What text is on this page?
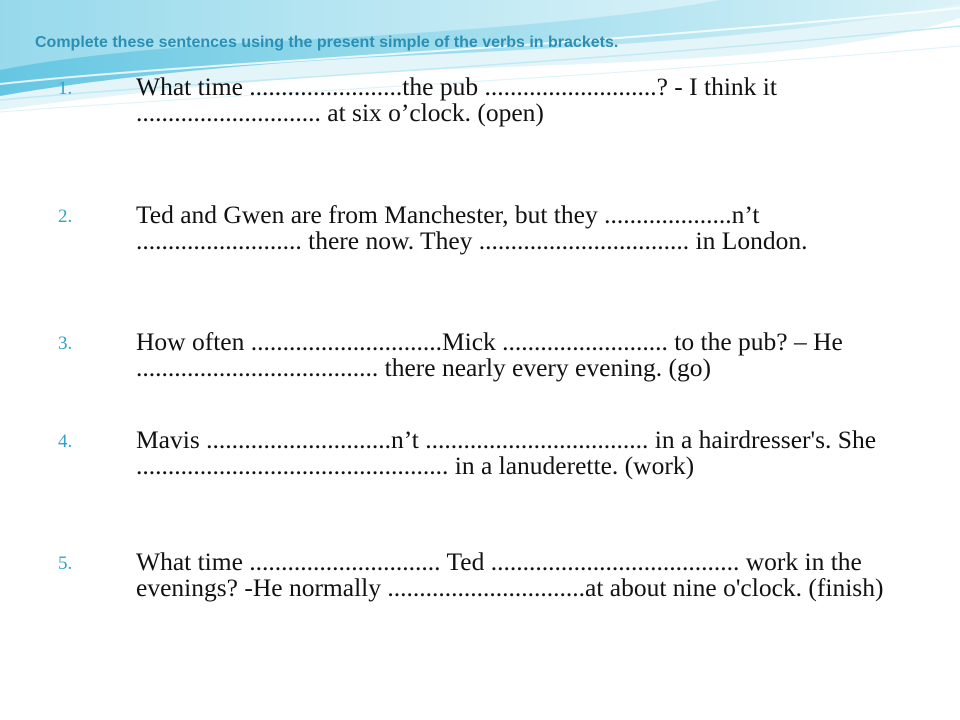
Complete these sentences using the present simple of the verbs in brackets.
1.	What time ........................the pub ...........................? - I think it ............................. at six o’clock. (open)
2.	Ted and Gwen are from Manchester, but they ....................n’t .......................... there now. They ................................. in London.
3.	How often ..............................Mick .......................... to the pub? – He ...................................... there nearly every evening. (go)
4.	Mavis .............................n’t ................................... in a hairdresser's. She ................................................. in a lanuderette. (work)
5.	What time .............................. Ted ....................................... work in the evenings? -He normally ...............................at about nine o'clock. (finish)
